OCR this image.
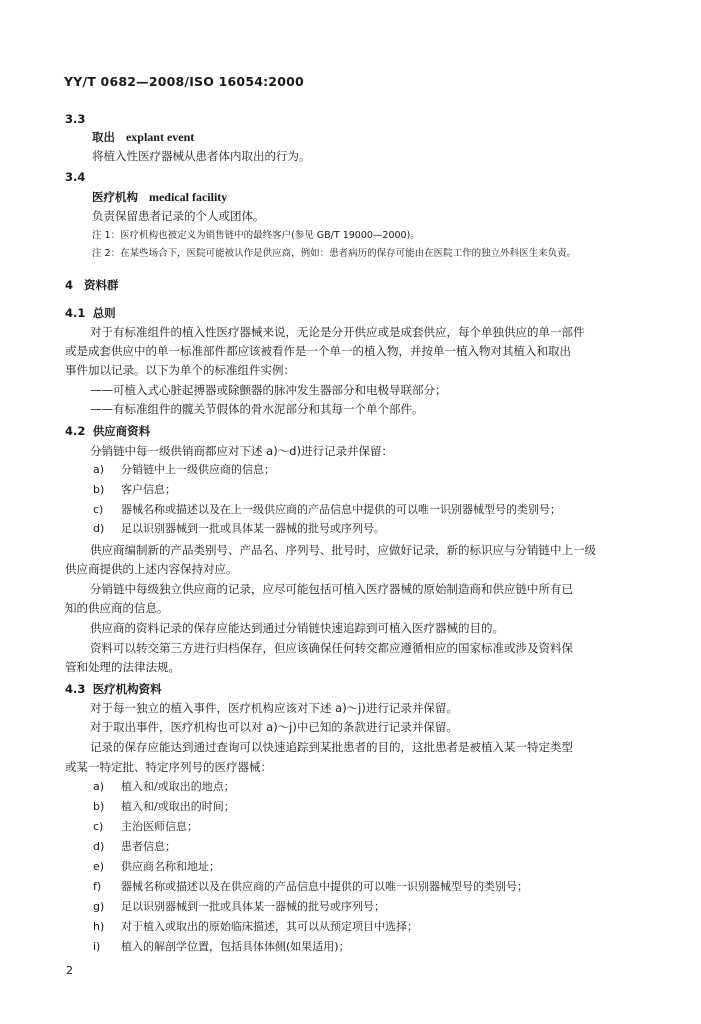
YY/T 0682—2008/ISO 16054:2000
3.3
取出 explant event
将植入性医疗器械从患者体内取出的行为。
3.4
医疗机构 medical facility
负责保留患者记录的个人或团体。
注 1：医疗机构也被定义为销售链中的最终客户(参见 GB/T 19000—2000)。
注 2：在某些场合下，医院可能被认作是供应商，例如：患者病历的保存可能由在医院工作的独立外科医生来负责。
4 资料群
4.1 总则
对于有标准组件的植入性医疗器械来说，无论是分开供应或是成套供应，每个单独供应的单一部件
或是成套供应中的单一标准部件都应该被看作是一个单一的植入物，并按单一植入物对其植入和取出
事件加以记录。以下为单个的标准组件实例：
——可植入式心脏起搏器或除颤器的脉冲发生器部分和电极导联部分；
——有标准组件的髋关节假体的骨水泥部分和其每一个单个部件。
4.2 供应商资料
分销链中每一级供销商都应对下述 a)～d)进行记录并保留：
a) 分销链中上一级供应商的信息；
b) 客户信息；
c) 器械名称或描述以及在上一级供应商的产品信息中提供的可以唯一识别器械型号的类别号；
d) 足以识别器械到一批或具体某一器械的批号或序列号。
供应商编制新的产品类别号、产品名、序列号、批号时，应做好记录，新的标识应与分销链中上一级
供应商提供的上述内容保持对应。
分销链中每级独立供应商的记录，应尽可能包括可植入医疗器械的原始制造商和供应链中所有已
知的供应商的信息。
供应商的资料记录的保存应能达到通过分销链快速追踪到可植入医疗器械的目的。
资料可以转交第三方进行归档保存，但应该确保任何转交都应遵循相应的国家标准或涉及资料保
管和处理的法律法规。
4.3 医疗机构资料
对于每一独立的植入事件，医疗机构应该对下述 a)～j)进行记录并保留。
对于取出事件，医疗机构也可以对 a)～j)中已知的条款进行记录并保留。
记录的保存应能达到通过查询可以快速追踪到某批患者的目的，这批患者是被植入某一特定类型
或某一特定批、特定序列号的医疗器械：
a) 植入和/或取出的地点；
b) 植入和/或取出的时间；
c) 主治医师信息；
d) 患者信息；
e) 供应商名称和地址；
f) 器械名称或描述以及在供应商的产品信息中提供的可以唯一识别器械型号的类别号；
g) 足以识别器械到一批或具体某一器械的批号或序列号；
h) 对于植入或取出的原始临床描述，其可以从预定项目中选择；
i) 植入的解剖学位置，包括具体体侧(如果适用)；
2
